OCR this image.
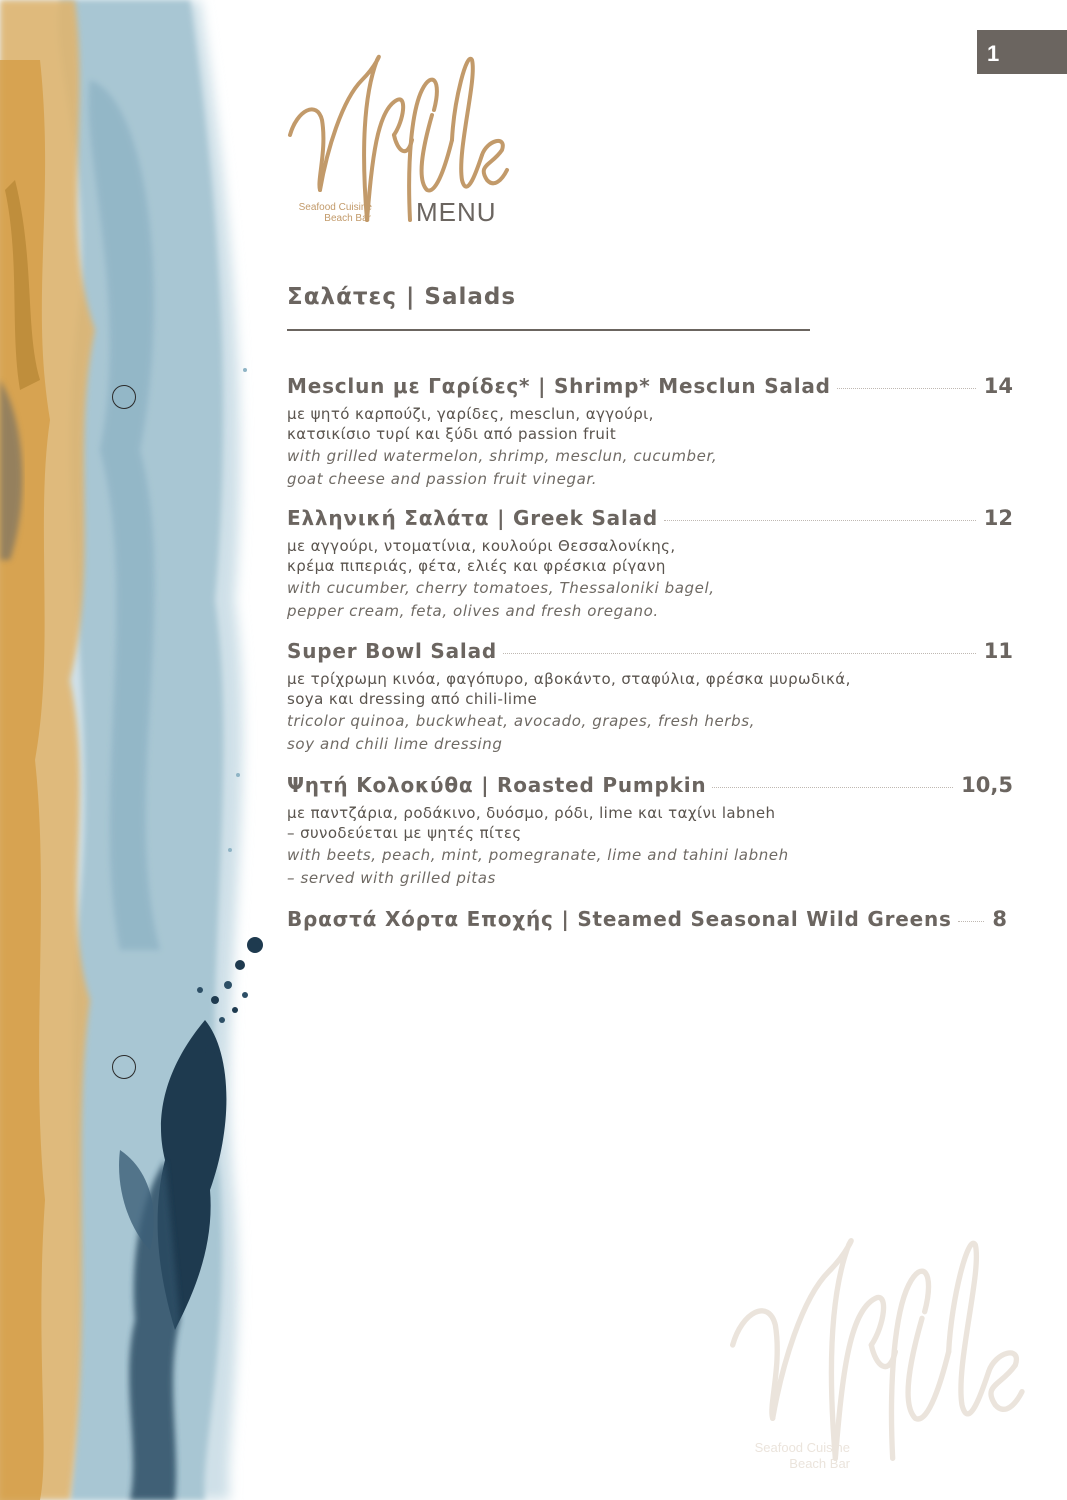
1
Seafood Cuisine
Beach Bar MENU
Σαλάτες | Salads
Mesclun με Γαρίδες* | Shrimp* Mesclun Salad	14
με ψητό καρπούζι, γαρίδες, mesclun, αγγούρι,
κατσικίσιο τυρί και ξύδι από passion fruit
with grilled watermelon, shrimp, mesclun, cucumber,
goat cheese and passion fruit vinegar.
Ελληνική Σαλάτα | Greek Salad	12
με αγγούρι, ντοματίνια, κουλούρι Θεσσαλονίκης,
κρέμα πιπεριάς, φέτα, ελιές και φρέσκια ρίγανη
with cucumber, cherry tomatoes, Thessaloniki bagel,
pepper cream, feta, olives and fresh oregano.
Super Bowl Salad	11
με τρίχρωμη κινόα, φαγόπυρο, αβοκάντο, σταφύλια, φρέσκα μυρωδικά,
soya και dressing από chili-lime
tricolor quinoa, buckwheat, avocado, grapes, fresh herbs,
soy and chili lime dressing
Ψητή Κολοκύθα | Roasted Pumpkin	10,5
με παντζάρια, ροδάκινο, δυόσμο, ρόδι, lime και ταχίνι labneh
– συνοδεύεται με ψητές πίτες
with beets, peach, mint, pomegranate, lime and tahini labneh
– served with grilled pitas
Βραστά Χόρτα Εποχής | Steamed Seasonal Wild Greens 8
Seafood Cuisine
Beach Bar
